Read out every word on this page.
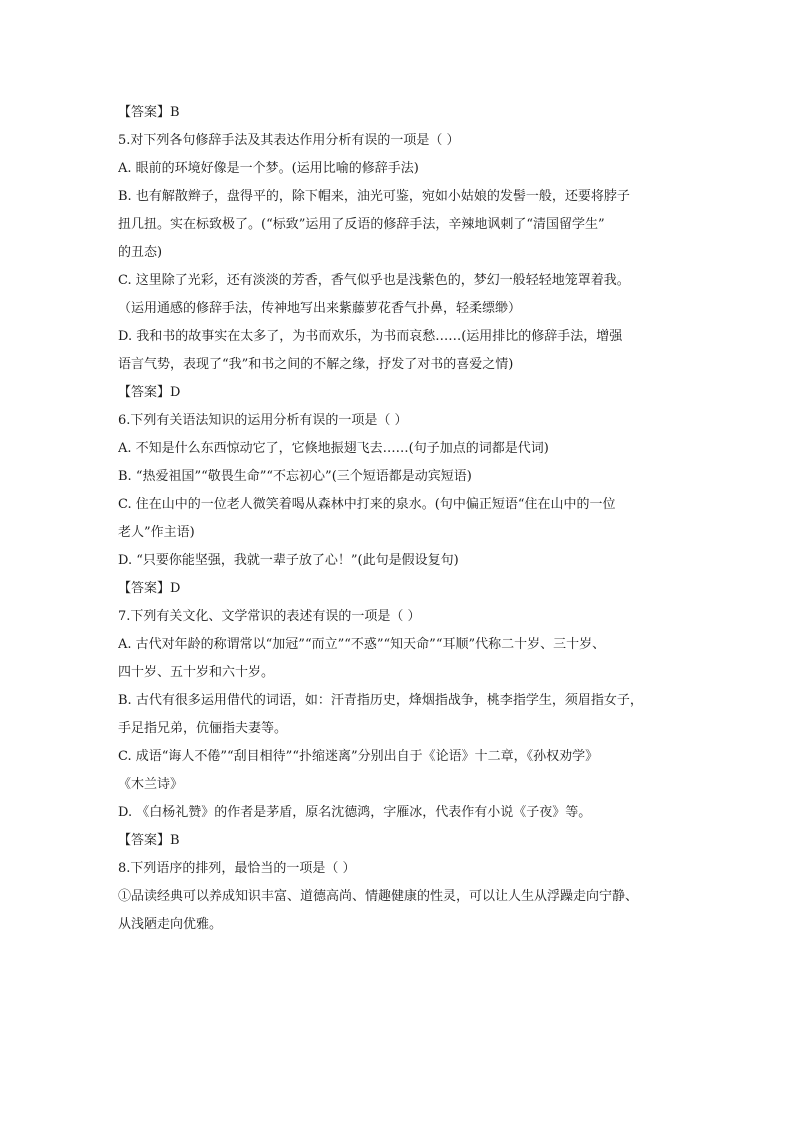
【答案】B
5.对下列各句修辞手法及其表达作用分析有误的一项是（ ）
A. 眼前的环境好像是一个梦。(运用比喻的修辞手法)
B. 也有解散辫子，盘得平的，除下帽来，油光可鉴，宛如小姑娘的发髻一般，还要将脖子
扭几扭。实在标致极了。(“标致”运用了反语的修辞手法，辛辣地讽刺了“清国留学生”
的丑态)
C. 这里除了光彩，还有淡淡的芳香，香气似乎也是浅紫色的，梦幻一般轻轻地笼罩着我。
（运用通感的修辞手法，传神地写出来紫藤萝花香气扑鼻，轻柔缥缈）
D. 我和书的故事实在太多了，为书而欢乐，为书而哀愁……(运用排比的修辞手法，增强
语言气势，表现了“我”和书之间的不解之缘，抒发了对书的喜爱之情)
【答案】D
6.下列有关语法知识的运用分析有误的一项是（ ）
A. 不知是什么东西惊动它了，它倏地振翅飞去……(句子加点的词都是代词)
B. “热爱祖国”“敬畏生命”“不忘初心”(三个短语都是动宾短语)
C. 住在山中的一位老人微笑着喝从森林中打来的泉水。(句中偏正短语“住在山中的一位
老人”作主语)
D. “只要你能坚强，我就一辈子放了心！”(此句是假设复句)
【答案】D
7.下列有关文化、文学常识的表述有误的一项是（ ）
A. 古代对年龄的称谓常以“加冠”“而立”“不惑”“知天命”“耳顺”代称二十岁、三十岁、
四十岁、五十岁和六十岁。
B. 古代有很多运用借代的词语，如：汗青指历史，烽烟指战争，桃李指学生，须眉指女子，
手足指兄弟，伉俪指夫妻等。
C. 成语“诲人不倦”“刮目相待”“扑缩迷离”分别出自于《论语》十二章，《孙权劝学》
《木兰诗》
D. 《白杨礼赞》的作者是茅盾，原名沈德鸿，字雁冰，代表作有小说《子夜》等。
【答案】B
8.下列语序的排列，最恰当的一项是（ ）
①品读经典可以养成知识丰富、道德高尚、情趣健康的性灵，可以让人生从浮躁走向宁静、
从浅陋走向优雅。
